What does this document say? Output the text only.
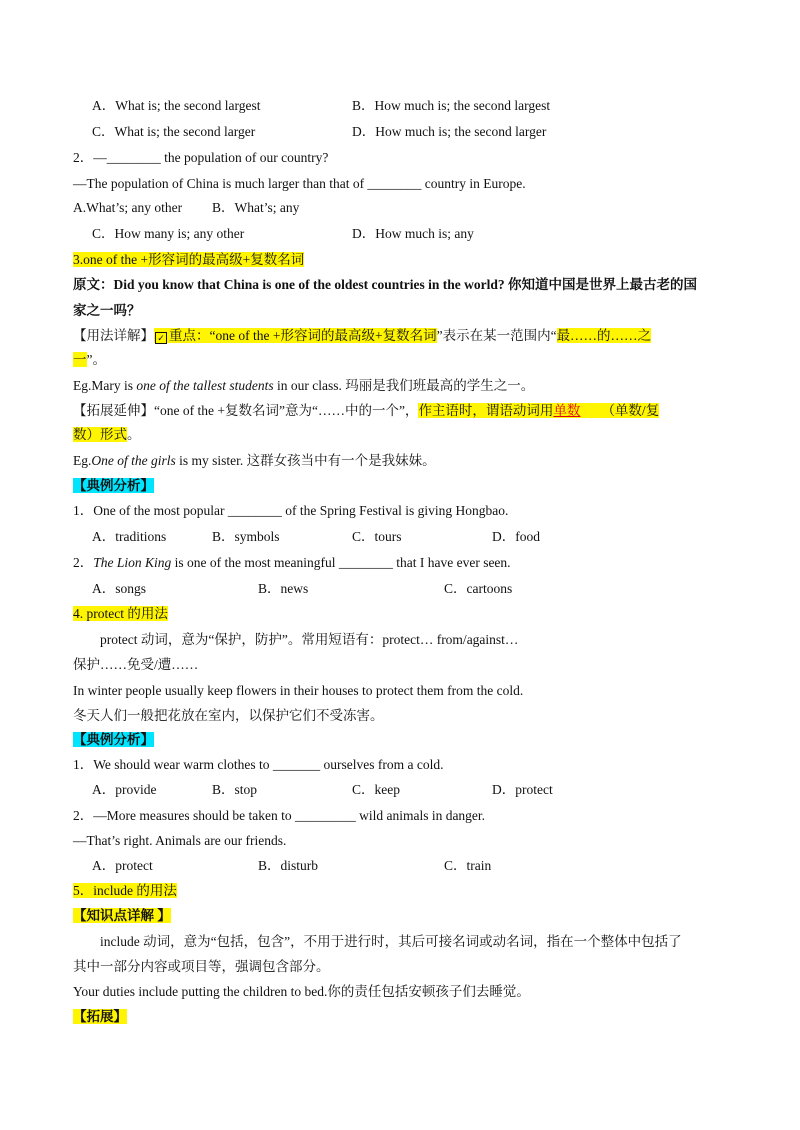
A．What is; the second largest	B．How much is; the second largest
C．What is; the second larger	D．How much is; the second larger
2．—________ the population of our country?
—The population of China is much larger than that of ________ country in Europe.
A.What’s; any other B．What’s; any
C．How many is; any other	D．How much is; any
3.one of the +形容词的最高级+复数名词
原文：Did you know that China is one of the oldest countries in the world? 你知道中国是世界上最古老的国
家之一吗？
【用法详解】 ✓ 重点：“one of the +形容词的最高级+复数名词”表示在某一范围内“最……的……之
一”。
Eg.Mary is one of the tallest students in our class. 玛丽是我们班最高的学生之一。
【拓展延伸】“one of the +复数名词”意为“……中的一个”，作主语时，谓语动词用单数（单数/复
数）形式。
Eg.One of the girls is my sister. 这群女孩当中有一个是我妹妹。
【典例分析】
1．One of the most popular ________ of the Spring Festival is giving Hongbao.
A．traditions	B．symbols	C．tours	D．food
2．The Lion King is one of the most meaningful ________ that I have ever seen.
A．songs	B．news	C．cartoons
4. protect 的用法
protect 动词，意为“保护，防护”。常用短语有：protect… from/against…
保护……免受/遭……
In winter people usually keep flowers in their houses to protect them from the cold.
冬天人们一般把花放在室内，以保护它们不受冻害。
【典例分析】
1．We should wear warm clothes to _______ ourselves from a cold.
A．provide	B．stop	C．keep	D．protect
2．—More measures should be taken to _________ wild animals in danger.
—That’s right. Animals are our friends.
A．protect	B．disturb	C．train
5．include 的用法
【知识点详解 】
include 动词，意为“包括，包含”，不用于进行时，其后可接名词或动名词，指在一个整体中包括了
其中一部分内容或项目等，强调包含部分。
Your duties include putting the children to bed.你的责任包括安顿孩子们去睡觉。
【拓展】
